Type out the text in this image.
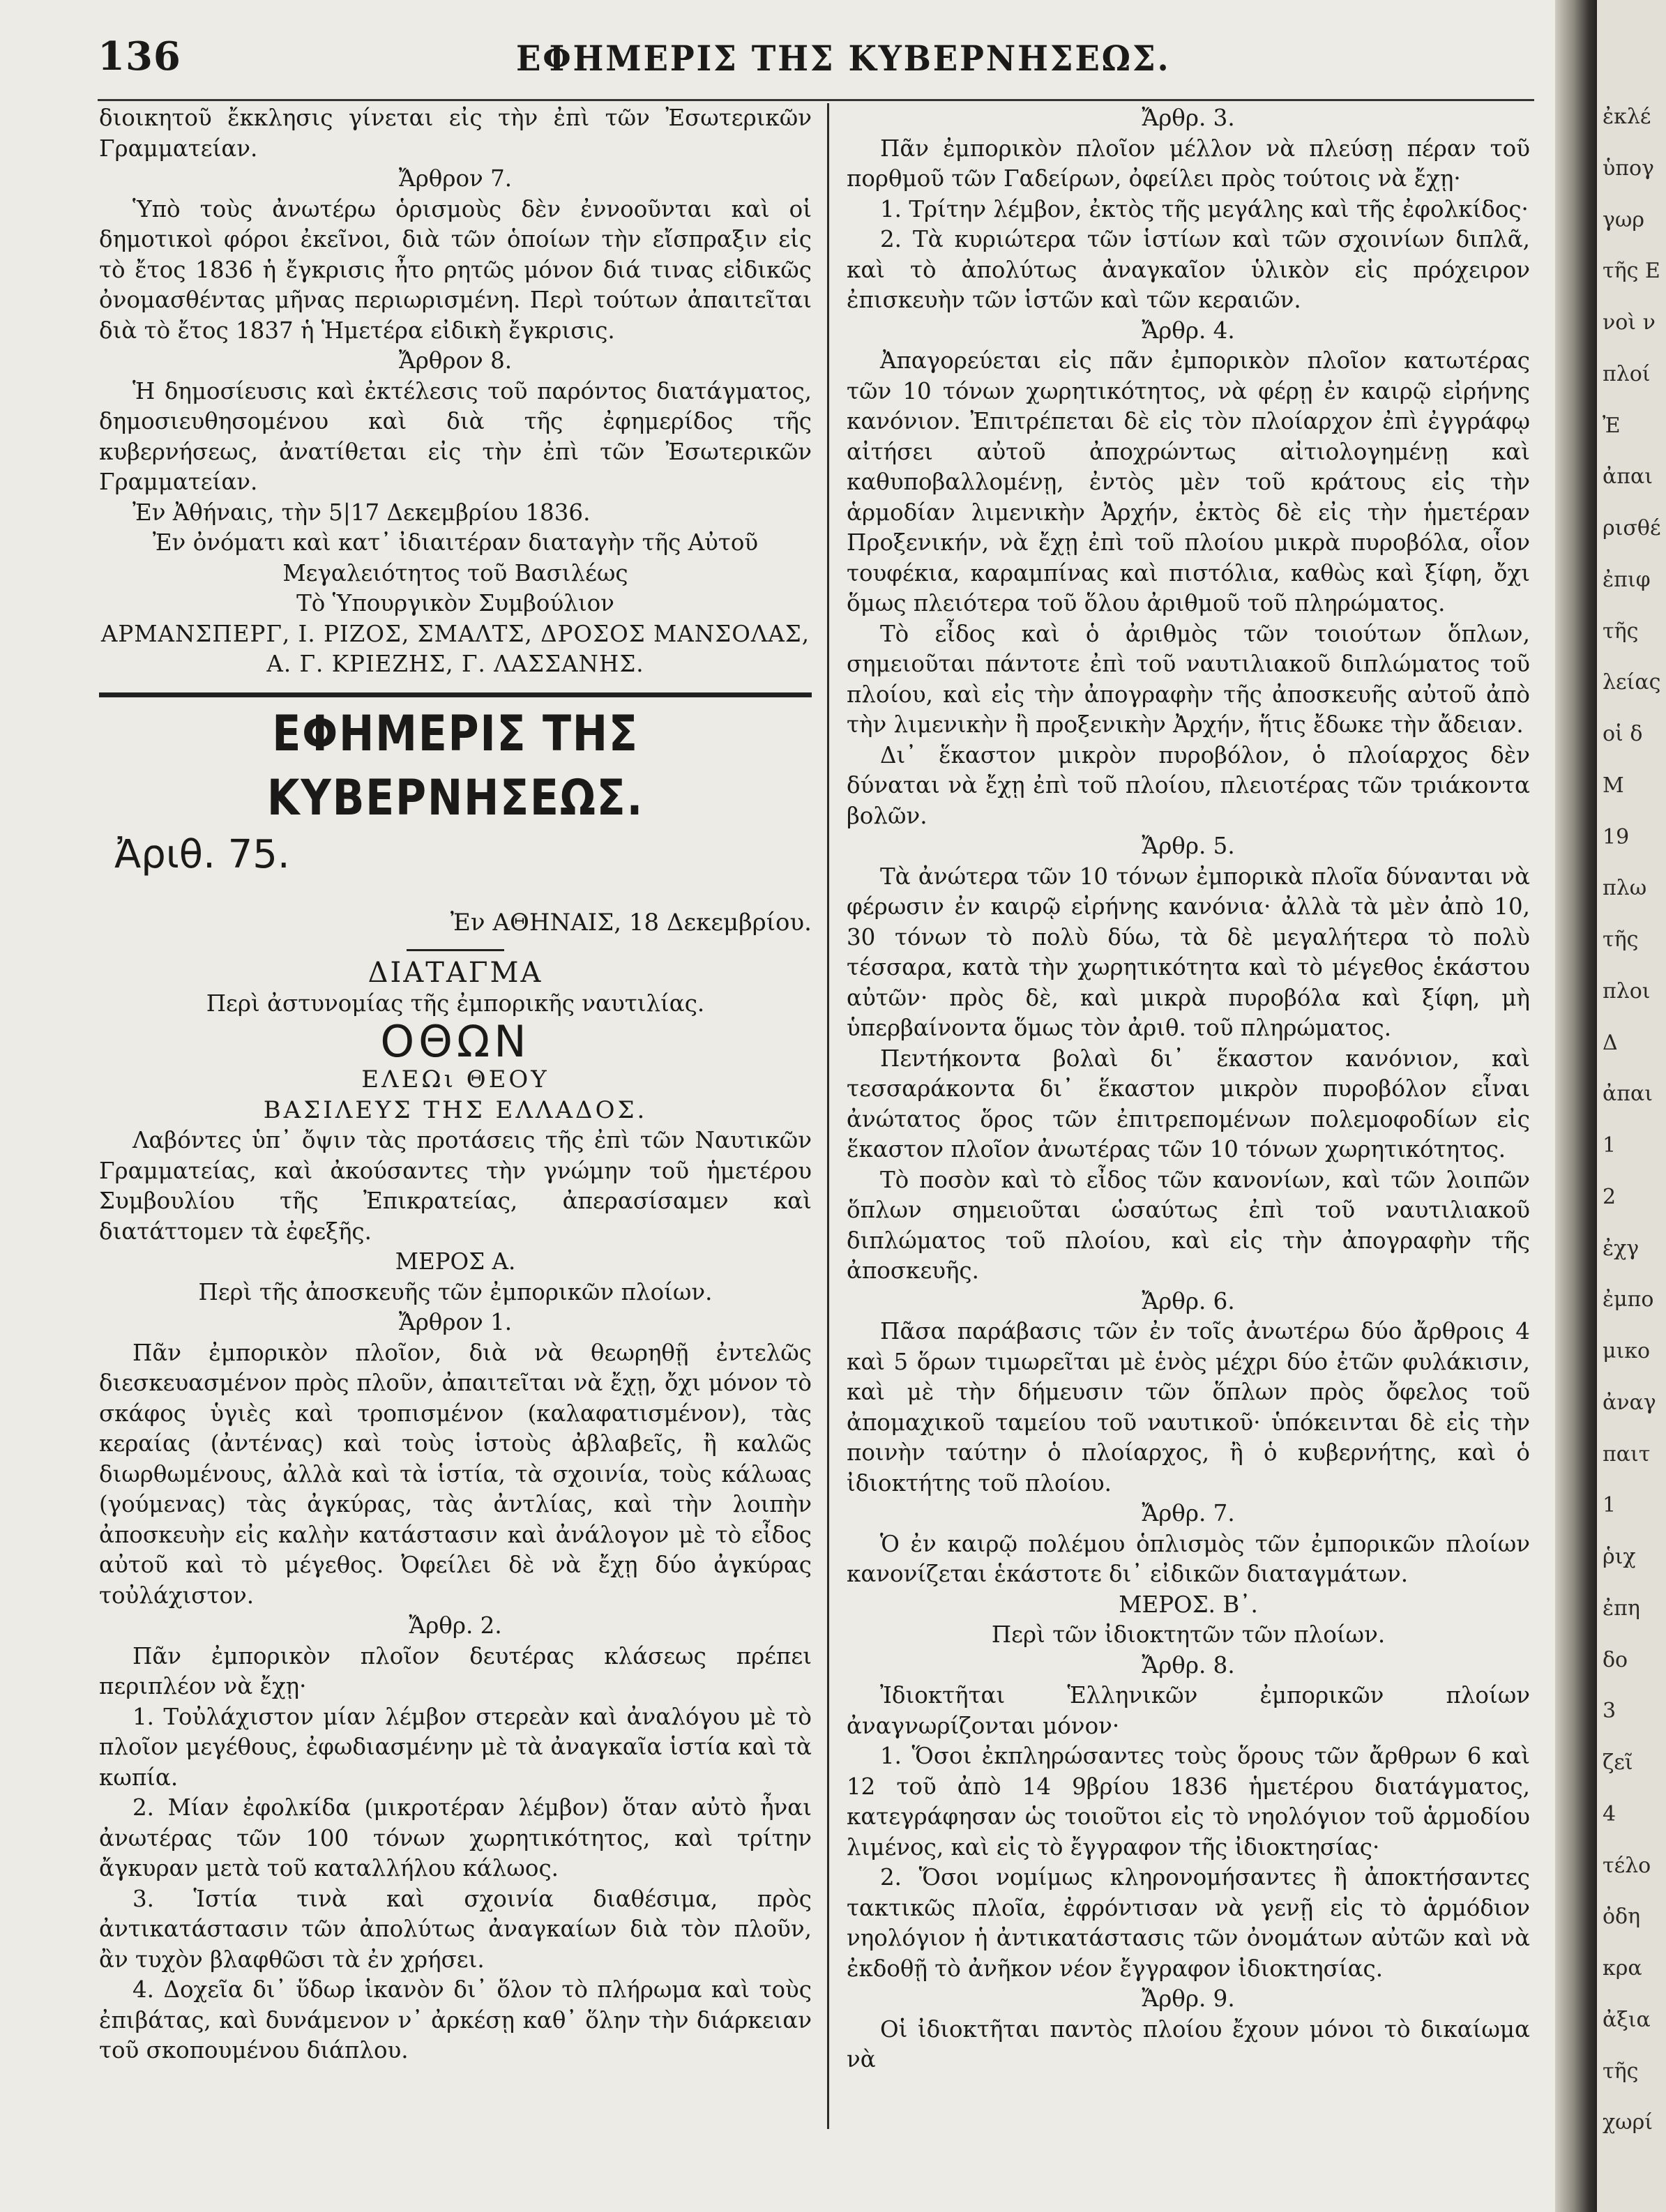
136	ΕΦΗΜΕΡΙΣ ΤΗΣ ΚΥΒΕΡΝΗΣΕΩΣ.

διοικητοῦ ἔκκλησις γίνεται εἰς τὴν ἐπὶ τῶν Ἐσωτερικῶν Γραμματείαν.

Ἄρθρον 7.

Ὑπὸ τοὺς ἀνωτέρω ὁρισμοὺς δὲν ἐννοοῦνται καὶ οἱ δημοτικοὶ φόροι ἐκεῖνοι, διὰ τῶν ὁποίων τὴν εἴσπραξιν εἰς τὸ ἔτος 1836 ἡ ἔγκρισις ἦτο ρητῶς μόνον διά τινας εἰδικῶς ὀνομασθέντας μῆνας περιωρισμένη. Περὶ τούτων ἀπαιτεῖται διὰ τὸ ἔτος 1837 ἡ Ἡμετέρα εἰδικὴ ἔγκρισις.

Ἄρθρον 8.

Ἡ δημοσίευσις καὶ ἐκτέλεσις τοῦ παρόντος διατάγματος, δημοσιευθησομένου καὶ διὰ τῆς ἐφημερίδος τῆς κυβερνήσεως, ἀνατίθεται εἰς τὴν ἐπὶ τῶν Ἐσωτερικῶν Γραμματείαν.

Ἐν Ἀθήναις, τὴν 5|17 Δεκεμβρίου 1836.

Ἐν ὀνόματι καὶ κατ᾽ ἰδιαιτέραν διαταγὴν τῆς Αὐτοῦ Μεγαλειότητος τοῦ Βασιλέως

Τὸ Ὑπουργικὸν Συμβούλιον

ΑΡΜΑΝΣΠΕΡΓ, Ι. ΡΙΖΟΣ, ΣΜΑΛΤΣ, ΔΡΟΣΟΣ ΜΑΝΣΟΛΑΣ, Α. Γ. ΚΡΙΕΖΗΣ, Γ. ΛΑΣΣΑΝΗΣ.

ΕΦΗΜΕΡΙΣ ΤΗΣ ΚΥΒΕΡΝΗΣΕΩΣ.
Ἀριθ. 75.
Ἐν ΑΘΗΝΑΙΣ, 18 Δεκεμβρίου.
ΔΙΑΤΑΓΜΑ

Περὶ ἀστυνομίας τῆς ἐμπορικῆς ναυτιλίας.

ΟΘΩΝ
ΕΛΕΩι ΘΕΟΥ
ΒΑΣΙΛΕΥΣ ΤΗΣ ΕΛΛΑΔΟΣ.

Λαβόντες ὑπ᾽ ὄψιν τὰς προτάσεις τῆς ἐπὶ τῶν Ναυτικῶν Γραμματείας, καὶ ἀκούσαντες τὴν γνώμην τοῦ ἡμετέρου Συμβουλίου τῆς Ἐπικρατείας, ἀπερασίσαμεν καὶ διατάττομεν τὰ ἐφεξῆς.

ΜΕΡΟΣ Α.

Περὶ τῆς ἀποσκευῆς τῶν ἐμπορικῶν πλοίων.

Ἄρθρον 1.

Πᾶν ἐμπορικὸν πλοῖον, διὰ νὰ θεωρηθῇ ἐντελῶς διεσκευασμένον πρὸς πλοῦν, ἀπαιτεῖται νὰ ἔχῃ, ὄχι μόνον τὸ σκάφος ὑγιὲς καὶ τροπισμένον (καλαφατισμένον), τὰς κεραίας (ἀντένας) καὶ τοὺς ἱστοὺς ἀβλαβεῖς, ἢ καλῶς διωρθωμένους, ἀλλὰ καὶ τὰ ἱστία, τὰ σχοινία, τοὺς κάλωας (γούμενας) τὰς ἀγκύρας, τὰς ἀντλίας, καὶ τὴν λοιπὴν ἀποσκευὴν εἰς καλὴν κατάστασιν καὶ ἀνάλογον μὲ τὸ εἶδος αὐτοῦ καὶ τὸ μέγεθος. Ὀφείλει δὲ νὰ ἔχῃ δύο ἀγκύρας τοὐλάχιστον.

Ἄρθρ. 2.

Πᾶν ἐμπορικὸν πλοῖον δευτέρας κλάσεως πρέπει περιπλέον νὰ ἔχῃ·

1. Τοὐλάχιστον μίαν λέμβον στερεὰν καὶ ἀναλόγου μὲ τὸ πλοῖον μεγέθους, ἐφωδιασμένην μὲ τὰ ἀναγκαῖα ἱστία καὶ τὰ κωπία.

2. Μίαν ἐφολκίδα (μικροτέραν λέμβον) ὅταν αὐτὸ ἦναι ἀνωτέρας τῶν 100 τόνων χωρητικότητος, καὶ τρίτην ἄγκυραν μετὰ τοῦ καταλλήλου κάλωος.

3. Ἱστία τινὰ καὶ σχοινία διαθέσιμα, πρὸς ἀντικατάστασιν τῶν ἀπολύτως ἀναγκαίων διὰ τὸν πλοῦν, ἂν τυχὸν βλαφθῶσι τὰ ἐν χρήσει.

4. Δοχεῖα δι᾽ ὕδωρ ἱκανὸν δι᾽ ὅλον τὸ πλήρωμα καὶ τοὺς ἐπιβάτας, καὶ δυνάμενον ν᾽ ἀρκέσῃ καθ᾽ ὅλην τὴν διάρκειαν τοῦ σκοπουμένου διάπλου.

Ἄρθρ. 3.

Πᾶν ἐμπορικὸν πλοῖον μέλλον νὰ πλεύσῃ πέραν τοῦ πορθμοῦ τῶν Γαδείρων, ὀφείλει πρὸς τούτοις νὰ ἔχῃ·

1. Τρίτην λέμβον, ἐκτὸς τῆς μεγάλης καὶ τῆς ἐφολκίδος·

2. Τὰ κυριώτερα τῶν ἱστίων καὶ τῶν σχοινίων διπλᾶ, καὶ τὸ ἀπολύτως ἀναγκαῖον ὑλικὸν εἰς πρόχειρον ἐπισκευὴν τῶν ἱστῶν καὶ τῶν κεραιῶν.

Ἄρθρ. 4.

Ἀπαγορεύεται εἰς πᾶν ἐμπορικὸν πλοῖον κατωτέρας τῶν 10 τόνων χωρητικότητος, νὰ φέρῃ ἐν καιρῷ εἰρήνης κανόνιον. Ἐπιτρέπεται δὲ εἰς τὸν πλοίαρχον ἐπὶ ἐγγράφῳ αἰτήσει αὐτοῦ ἀποχρώντως αἰτιολογημένῃ καὶ καθυποβαλλομένῃ, ἐντὸς μὲν τοῦ κράτους εἰς τὴν ἁρμοδίαν λιμενικὴν Ἀρχήν, ἐκτὸς δὲ εἰς τὴν ἡμετέραν Προξενικήν, νὰ ἔχῃ ἐπὶ τοῦ πλοίου μικρὰ πυροβόλα, οἷον τουφέκια, καραμπίνας καὶ πιστόλια, καθὼς καὶ ξίφη, ὄχι ὅμως πλειότερα τοῦ ὅλου ἀριθμοῦ τοῦ πληρώματος.

Τὸ εἶδος καὶ ὁ ἀριθμὸς τῶν τοιούτων ὅπλων, σημειοῦται πάντοτε ἐπὶ τοῦ ναυτιλιακοῦ διπλώματος τοῦ πλοίου, καὶ εἰς τὴν ἀπογραφὴν τῆς ἀποσκευῆς αὐτοῦ ἀπὸ τὴν λιμενικὴν ἢ προξενικὴν Ἀρχήν, ἥτις ἔδωκε τὴν ἄδειαν.

Δι᾽ ἕκαστον μικρὸν πυροβόλον, ὁ πλοίαρχος δὲν δύναται νὰ ἔχῃ ἐπὶ τοῦ πλοίου, πλειοτέρας τῶν τριάκοντα βολῶν.

Ἄρθρ. 5.

Τὰ ἀνώτερα τῶν 10 τόνων ἐμπορικὰ πλοῖα δύνανται νὰ φέρωσιν ἐν καιρῷ εἰρήνης κανόνια· ἀλλὰ τὰ μὲν ἀπὸ 10, 30 τόνων τὸ πολὺ δύω, τὰ δὲ μεγαλήτερα τὸ πολὺ τέσσαρα, κατὰ τὴν χωρητικότητα καὶ τὸ μέγεθος ἑκάστου αὐτῶν· πρὸς δὲ, καὶ μικρὰ πυροβόλα καὶ ξίφη, μὴ ὑπερβαίνοντα ὅμως τὸν ἀριθ. τοῦ πληρώματος.

Πεντήκοντα βολαὶ δι᾽ ἕκαστον κανόνιον, καὶ τεσσαράκοντα δι᾽ ἕκαστον μικρὸν πυροβόλον εἶναι ἀνώτατος ὅρος τῶν ἐπιτρεπομένων πολεμοφοδίων εἰς ἕκαστον πλοῖον ἀνωτέρας τῶν 10 τόνων χωρητικότητος.

Τὸ ποσὸν καὶ τὸ εἶδος τῶν κανονίων, καὶ τῶν λοιπῶν ὅπλων σημειοῦται ὡσαύτως ἐπὶ τοῦ ναυτιλιακοῦ διπλώματος τοῦ πλοίου, καὶ εἰς τὴν ἀπογραφὴν τῆς ἀποσκευῆς.

Ἄρθρ. 6.

Πᾶσα παράβασις τῶν ἐν τοῖς ἀνωτέρω δύο ἄρθροις 4 καὶ 5 ὅρων τιμωρεῖται μὲ ἑνὸς μέχρι δύο ἐτῶν φυλάκισιν, καὶ μὲ τὴν δήμευσιν τῶν ὅπλων πρὸς ὄφελος τοῦ ἀπομαχικοῦ ταμείου τοῦ ναυτικοῦ· ὑπόκεινται δὲ εἰς τὴν ποινὴν ταύτην ὁ πλοίαρχος, ἢ ὁ κυβερνήτης, καὶ ὁ ἰδιοκτήτης τοῦ πλοίου.

Ἄρθρ. 7.

Ὁ ἐν καιρῷ πολέμου ὁπλισμὸς τῶν ἐμπορικῶν πλοίων κανονίζεται ἑκάστοτε δι᾽ εἰδικῶν διαταγμάτων.

ΜΕΡΟΣ. Β᾽.

Περὶ τῶν ἰδιοκτητῶν τῶν πλοίων.

Ἄρθρ. 8.

Ἰδιοκτῆται Ἑλληνικῶν ἐμπορικῶν πλοίων ἀναγνωρίζονται μόνον·

1. Ὅσοι ἐκπληρώσαντες τοὺς ὅρους τῶν ἄρθρων 6 καὶ 12 τοῦ ἀπὸ 14 9βρίου 1836 ἡμετέρου διατάγματος, κατεγράφησαν ὡς τοιοῦτοι εἰς τὸ νηολόγιον τοῦ ἁρμοδίου λιμένος, καὶ εἰς τὸ ἔγγραφον τῆς ἰδιοκτησίας·

2. Ὅσοι νομίμως κληρονομήσαντες ἢ ἀποκτήσαντες τακτικῶς πλοῖα, ἐφρόντισαν νὰ γενῇ εἰς τὸ ἁρμόδιον νηολόγιον ἡ ἀντικατάστασις τῶν ὀνομάτων αὐτῶν καὶ νὰ ἐκδοθῇ τὸ ἀνῆκον νέον ἔγγραφον ἰδιοκτησίας.

Ἄρθρ. 9.

Οἱ ἰδιοκτῆται παντὸς πλοίου ἔχουν μόνοι τὸ δικαίωμα νὰ

ἐκλέ
ὑπογ
γωρ
τῆς Ε
νοὶ ν
πλοί
Ἐ
ἀπαι
ρισθέ
ἐπιφ
τῆς
λείας
οἱ δ
Μ
19
πλω
τῆς
πλοι
Δ
ἀπαι
1
2
ἐχγ
ἐμπο
μικο
ἀναγ
παιτ
1
ῥιχ
ἐπη
δο
3
ζεῖ
4
τέλο
ὀδη
κρα
ἀξια
τῆς
χωρί
